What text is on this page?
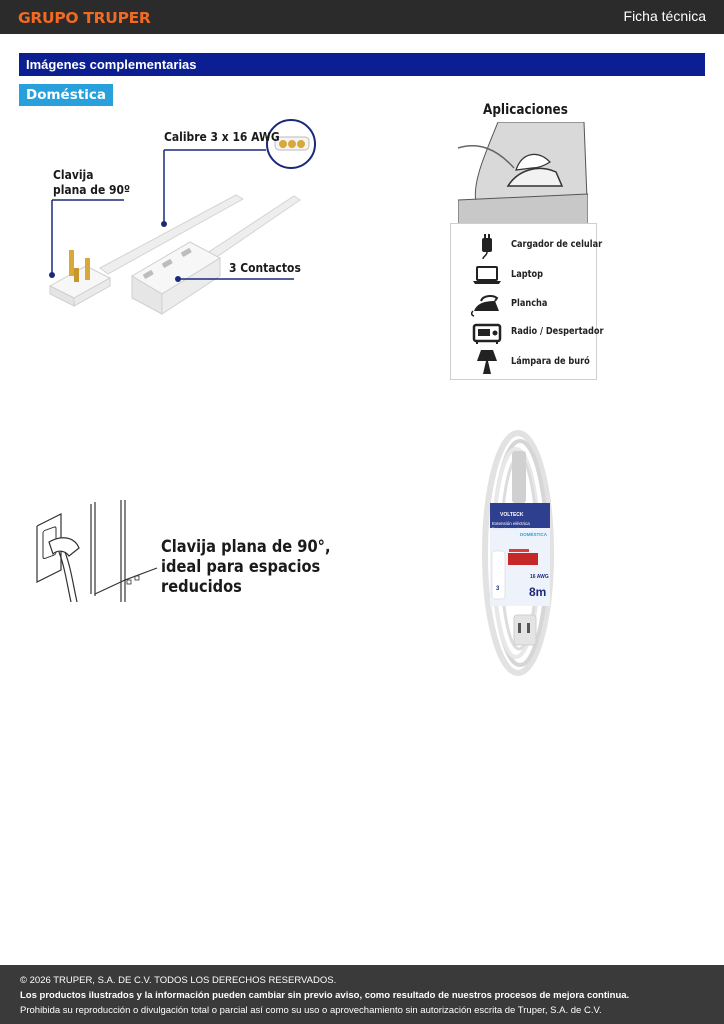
GRUPO TRUPER	Ficha técnica
Imágenes complementarias
Doméstica
Calibre 3 x 16 AWG
Clavija
plana de 90º
3 Contactos
Aplicaciones
Cargador de celular
Laptop
Plancha
Radio / Despertador
Lámpara de buró
Clavija plana de 90°,
ideal para espacios
reducidos
VOLTECK
Extensión eléctrica
Extension cord
DOMÉSTICA
3
16 AWG
8m

© 2026 TRUPER, S.A. DE C.V. TODOS LOS DERECHOS RESERVADOS.

Los productos ilustrados y la información pueden cambiar sin previo aviso, como resultado de nuestros procesos de mejora continua.

Prohibida su reproducción o divulgación total o parcial así como su uso o aprovechamiento sin autorización escrita de Truper, S.A. de C.V.
